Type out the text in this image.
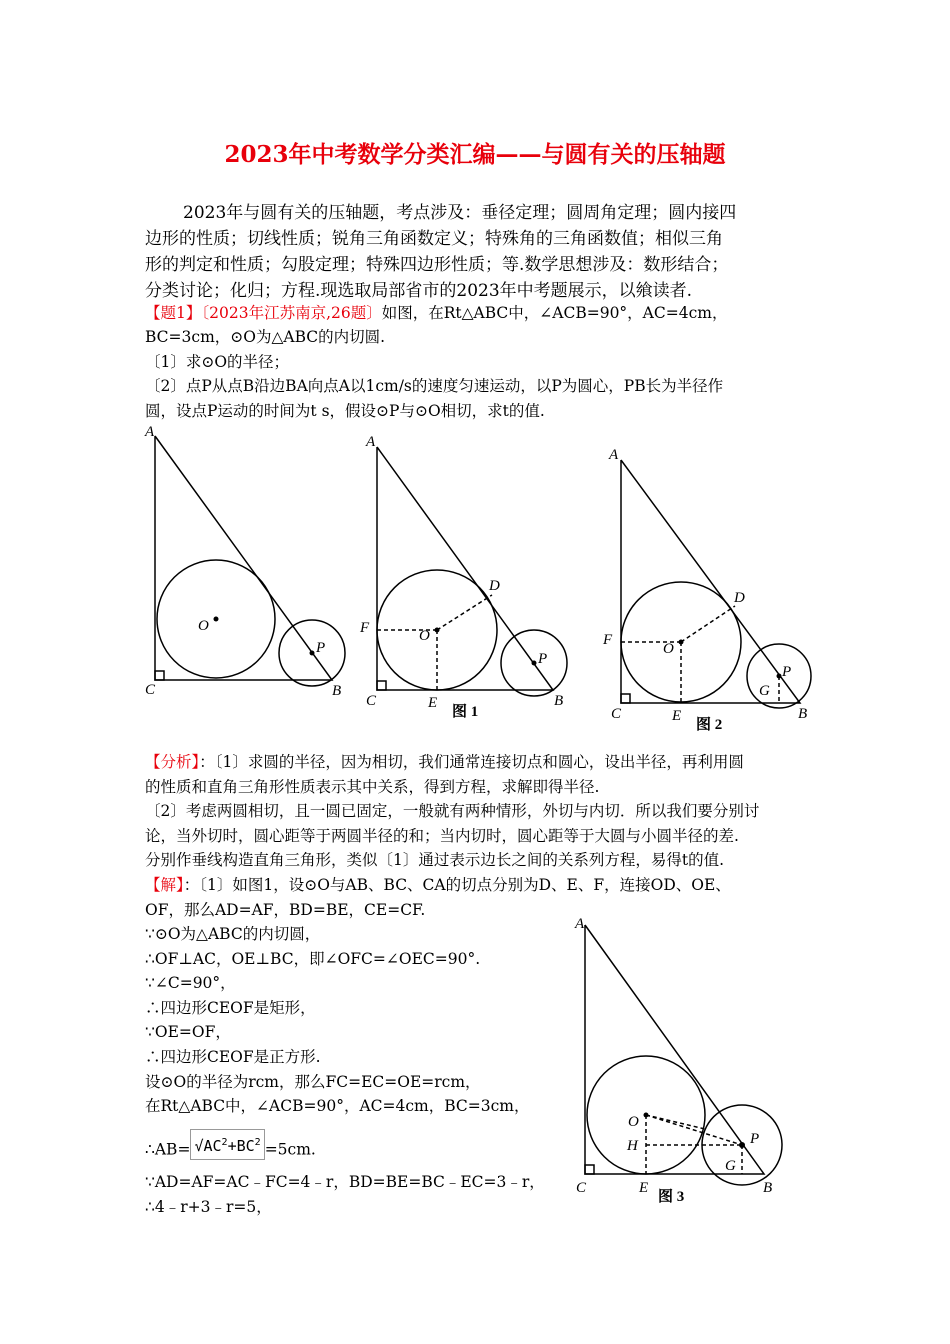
2023年中考数学分类汇编——与圆有关的压轴题
2023年与圆有关的压轴题，考点涉及：垂径定理；圆周角定理；圆内接四
边形的性质；切线性质；锐角三角函数定义；特殊角的三角函数值；相似三角
形的判定和性质；勾股定理；特殊四边形性质；等.数学思想涉及：数形结合；
分类讨论；化归；方程.现选取局部省市的2023年中考题展示，以飨读者.
【题1】〔2023年江苏南京,26题〕如图，在Rt△ABC中，∠ACB=90°，AC=4cm，
BC=3cm，⊙O为△ABC的内切圆.
〔1〕求⊙O的半径；
〔2〕点P从点B沿边BA向点A以1cm/s的速度匀速运动，以P为圆心，PB长为半径作
圆，设点P运动的时间为t s，假设⊙P与⊙O相切，求t的值.
A
C	B
O
P
A
C	B
D
F	O
E
P
图 1
A
C	B
D
F
O
E
G
P
图 2
【分析】：〔1〕求圆的半径，因为相切，我们通常连接切点和圆心，设出半径，再利用圆
的性质和直角三角形性质表示其中关系，得到方程，求解即得半径.
〔2〕考虑两圆相切，且一圆已固定，一般就有两种情形，外切与内切．所以我们要分别讨
论，当外切时，圆心距等于两圆半径的和；当内切时，圆心距等于大圆与小圆半径的差.
分别作垂线构造直角三角形，类似〔1〕通过表示边长之间的关系列方程，易得t的值.
【解】：〔1〕如图1，设⊙O与AB、BC、CA的切点分别为D、E、F，连接OD、OE、
OF，那么AD=AF，BD=BE，CE=CF.
∵⊙O为△ABC的内切圆，
∴OF⊥AC，OE⊥BC，即∠OFC=∠OEC=90°.
∵∠C=90°，
∴四边形CEOF是矩形，
∵OE=OF，
∴四边形CEOF是正方形.
设⊙O的半径为rcm，那么FC=EC=OE=rcm，
在Rt△ABC中，∠ACB=90°，AC=4cm，BC=3cm，
∴AB= $√AC^2+BC^2 =5cm$.
∵AD=AF=AC﹣FC=4﹣r，BD=BE=BC﹣EC=3﹣r，
∴4﹣r+3﹣r=5，
A
C	B
O
H
E
G
P
图 3
